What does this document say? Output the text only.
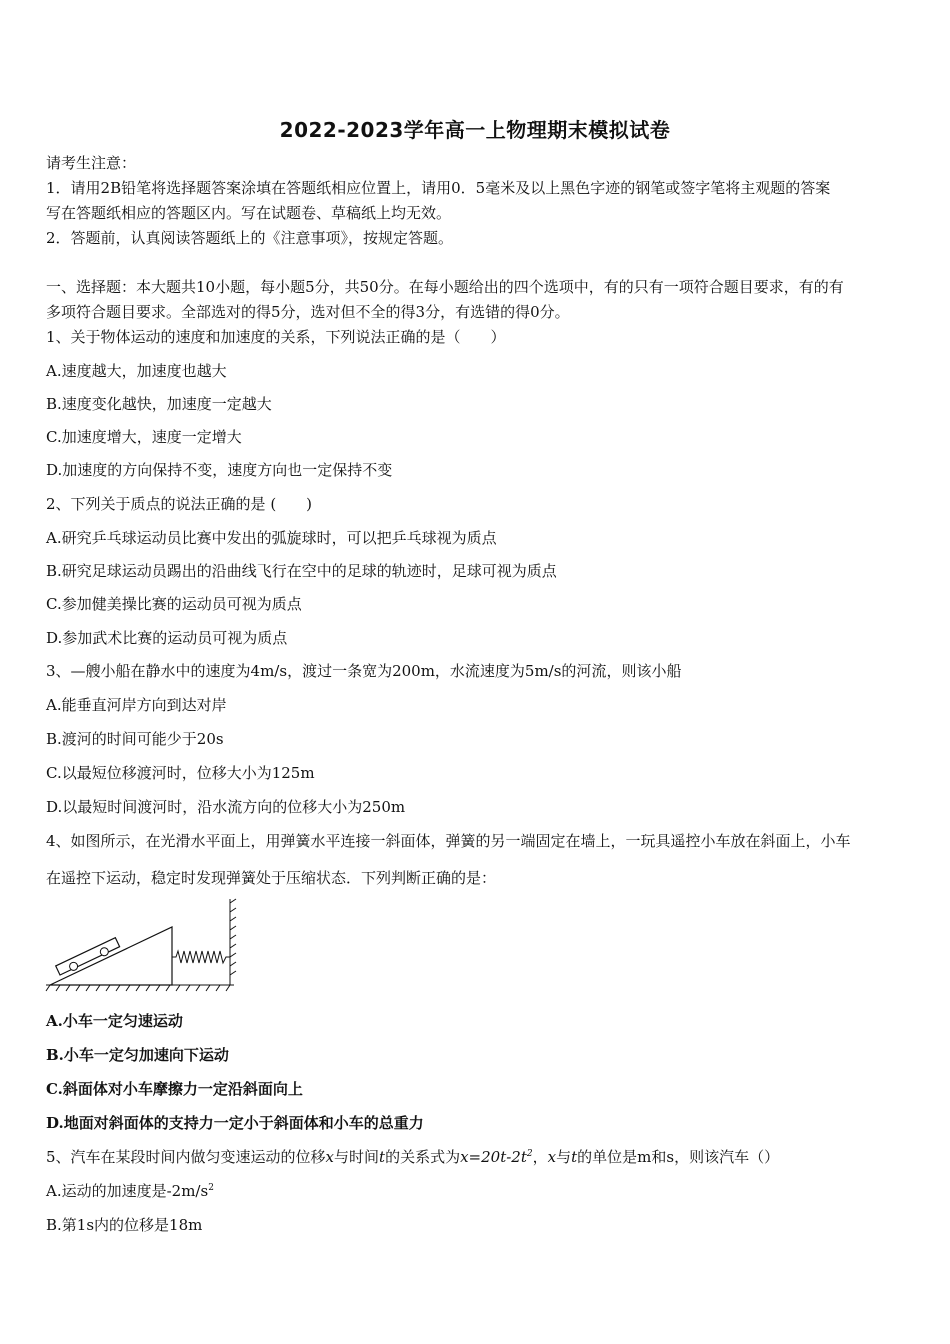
2022-2023学年高一上物理期末模拟试卷
请考生注意：
1．请用2B铅笔将选择题答案涂填在答题纸相应位置上，请用0．5毫米及以上黑色字迹的钢笔或签字笔将主观题的答案
写在答题纸相应的答题区内。写在试题卷、草稿纸上均无效。
2．答题前，认真阅读答题纸上的《注意事项》，按规定答题。
一、选择题：本大题共10小题，每小题5分，共50分。在每小题给出的四个选项中，有的只有一项符合题目要求，有的有
多项符合题目要求。全部选对的得5分，选对但不全的得3分，有选错的得0分。
1、关于物体运动的速度和加速度的关系，下列说法正确的是（　　）
A.速度越大，加速度也越大
B.速度变化越快，加速度一定越大
C.加速度增大，速度一定增大
D.加速度的方向保持不变，速度方向也一定保持不变
2、下列关于质点的说法正确的是 (　　)
A.研究乒乓球运动员比赛中发出的弧旋球时，可以把乒乓球视为质点
B.研究足球运动员踢出的沿曲线飞行在空中的足球的轨迹时，足球可视为质点
C.参加健美操比赛的运动员可视为质点
D.参加武术比赛的运动员可视为质点
3、—艘小船在静水中的速度为4m/s，渡过一条宽为200m，水流速度为5m/s的河流，则该小船
A.能垂直河岸方向到达对岸
B.渡河的时间可能少于20s
C.以最短位移渡河时，位移大小为125m
D.以最短时间渡河时，沿水流方向的位移大小为250m
4、如图所示，在光滑水平面上，用弹簧水平连接一斜面体，弹簧的另一端固定在墙上，一玩具遥控小车放在斜面上，小车
在遥控下运动，稳定时发现弹簧处于压缩状态．下列判断正确的是：
A.小车一定匀速运动
B.小车一定匀加速向下运动
C.斜面体对小车摩擦力一定沿斜面向上
D.地面对斜面体的支持力一定小于斜面体和小车的总重力
5、汽车在某段时间内做匀变速运动的位移x与时间t的关系式为$x=20t-2t^2$，x与t的单位是m和s，则该汽车（）
A.运动的加速度是$-2m/s^2$
B.第1s内的位移是18m
